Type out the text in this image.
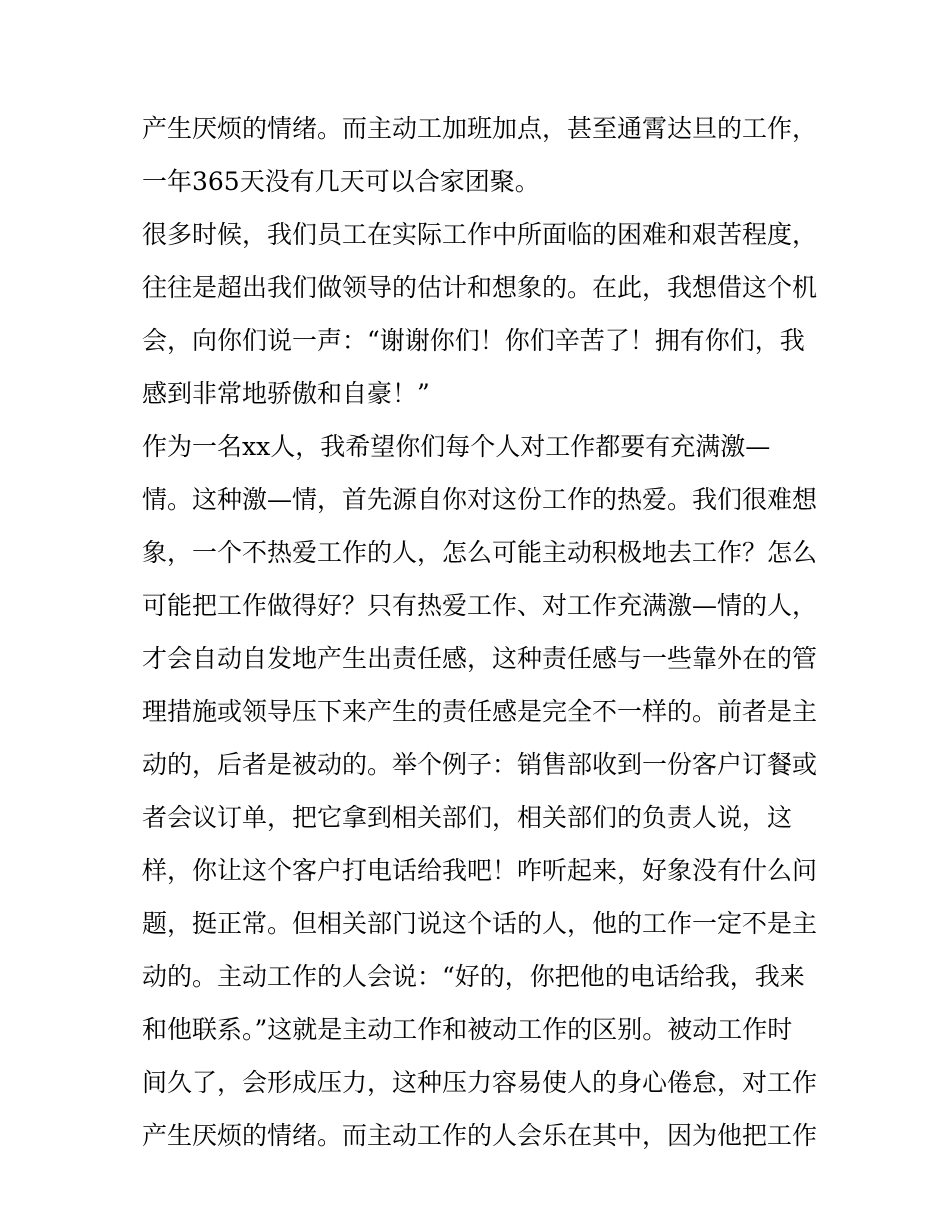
产生厌烦的情绪。而主动工加班加点，甚至通霄达旦的工作，
一年365天没有几天可以合家团聚。
很多时候，我们员工在实际工作中所面临的困难和艰苦程度，
往往是超出我们做领导的估计和想象的。在此，我想借这个机
会，向你们说一声：“谢谢你们！你们辛苦了！拥有你们，我
感到非常地骄傲和自豪！”
作为一名xx人，我希望你们每个人对工作都要有充满激—
情。这种激—情，首先源自你对这份工作的热爱。我们很难想
象，一个不热爱工作的人，怎么可能主动积极地去工作？怎么
可能把工作做得好？只有热爱工作、对工作充满激—情的人，
才会自动自发地产生出责任感，这种责任感与一些靠外在的管
理措施或领导压下来产生的责任感是完全不一样的。前者是主
动的，后者是被动的。举个例子：销售部收到一份客户订餐或
者会议订单，把它拿到相关部们，相关部们的负责人说，这
样，你让这个客户打电话给我吧！咋听起来，好象没有什么问
题，挺正常。但相关部门说这个话的人，他的工作一定不是主
动的。主动工作的人会说：“好的，你把他的电话给我，我来
和他联系。”这就是主动工作和被动工作的区别。被动工作时
间久了，会形成压力，这种压力容易使人的身心倦怠，对工作
产生厌烦的情绪。而主动工作的人会乐在其中，因为他把工作
